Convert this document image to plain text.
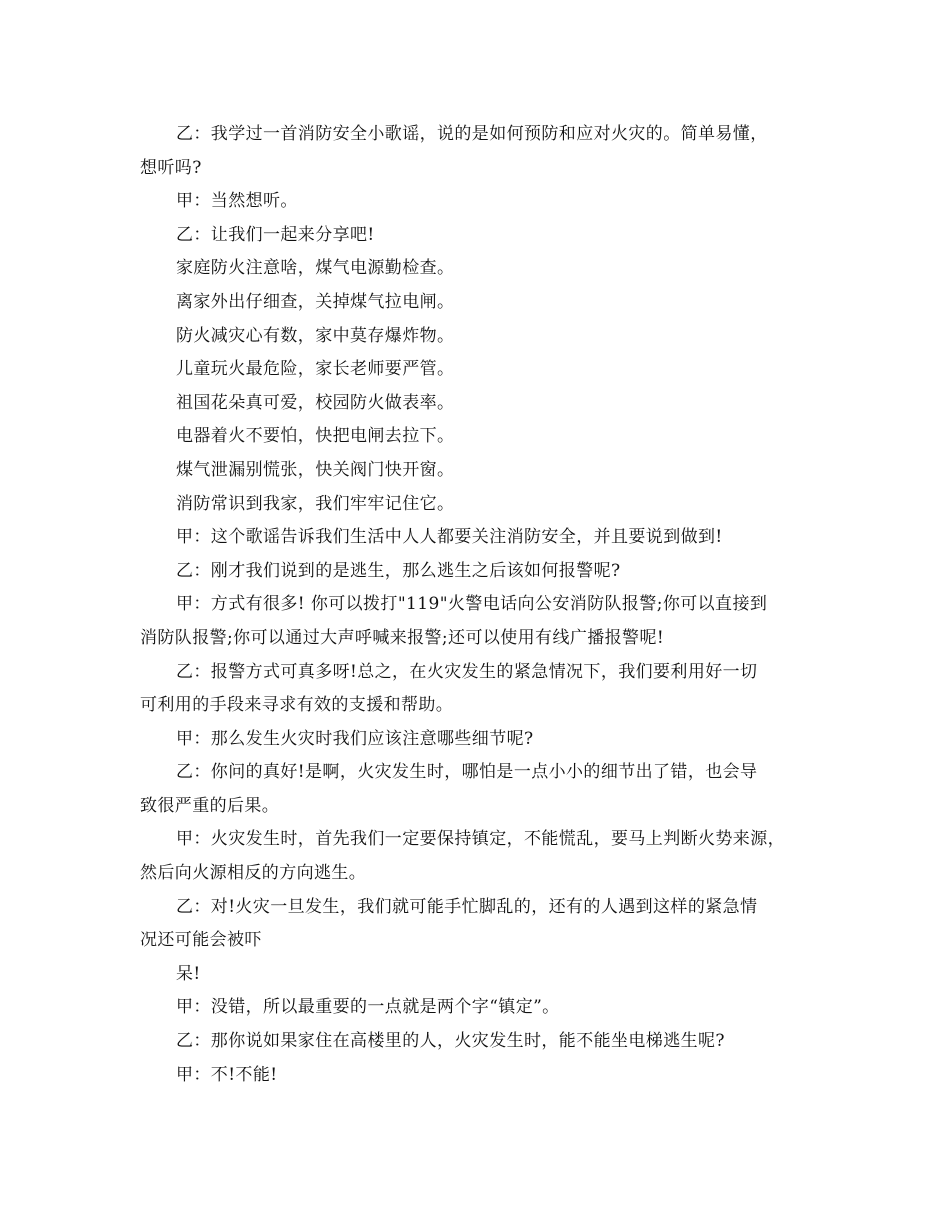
乙：我学过一首消防安全小歌谣，说的是如何预防和应对火灾的。简单易懂，
想听吗?
甲：当然想听。
乙：让我们一起来分享吧!
家庭防火注意啥，煤气电源勤检查。
离家外出仔细查，关掉煤气拉电闸。
防火减灾心有数，家中莫存爆炸物。
儿童玩火最危险，家长老师要严管。
祖国花朵真可爱，校园防火做表率。
电器着火不要怕，快把电闸去拉下。
煤气泄漏别慌张，快关阀门快开窗。
消防常识到我家，我们牢牢记住它。
甲：这个歌谣告诉我们生活中人人都要关注消防安全，并且要说到做到!
乙：刚才我们说到的是逃生，那么逃生之后该如何报警呢?
甲：方式有很多! 你可以拨打"119"火警电话向公安消防队报警;你可以直接到
消防队报警;你可以通过大声呼喊来报警;还可以使用有线广播报警呢!
乙：报警方式可真多呀!总之，在火灾发生的紧急情况下，我们要利用好一切
可利用的手段来寻求有效的支援和帮助。
甲：那么发生火灾时我们应该注意哪些细节呢?
乙：你问的真好!是啊，火灾发生时，哪怕是一点小小的细节出了错，也会导
致很严重的后果。
甲：火灾发生时，首先我们一定要保持镇定，不能慌乱，要马上判断火势来源，
然后向火源相反的方向逃生。
乙：对!火灾一旦发生，我们就可能手忙脚乱的，还有的人遇到这样的紧急情
况还可能会被吓
呆!
甲：没错，所以最重要的一点就是两个字“镇定”。
乙：那你说如果家住在高楼里的人，火灾发生时，能不能坐电梯逃生呢?
甲：不!不能!
